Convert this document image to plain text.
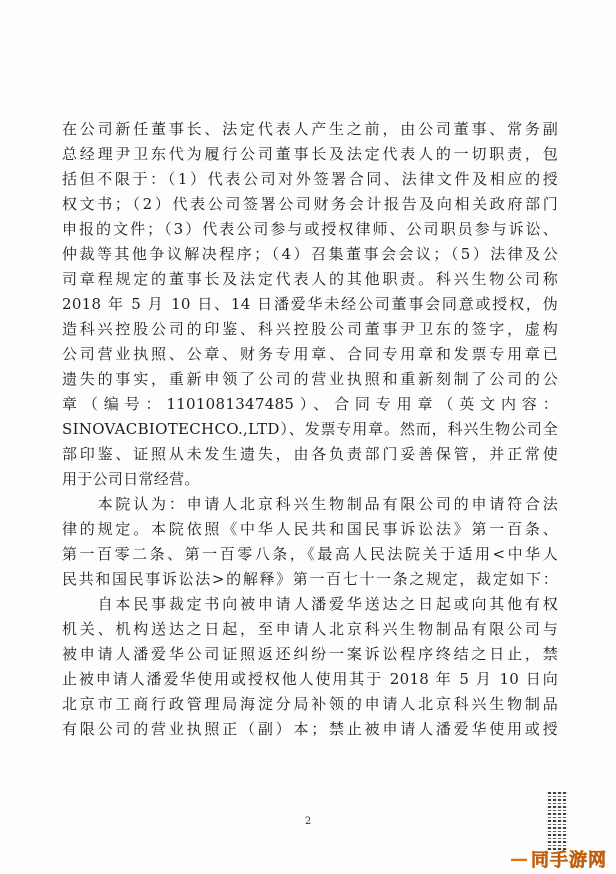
在公司新任董事长、法定代表人产生之前，由公司董事、常务副
总经理尹卫东代为履行公司董事长及法定代表人的一切职责，包
括但不限于：（1）代表公司对外签署合同、法律文件及相应的授
权文书；（2）代表公司签署公司财务会计报告及向相关政府部门
申报的文件；（3）代表公司参与或授权律师、公司职员参与诉讼、
仲裁等其他争议解决程序；（4）召集董事会会议；（5）法律及公
司章程规定的董事长及法定代表人的其他职责。科兴生物公司称
2018 年 5 月 10 日、14 日潘爱华未经公司董事会同意或授权，伪
造科兴控股公司的印鉴、科兴控股公司董事尹卫东的签字，虚构
公司营业执照、公章、财务专用章、合同专用章和发票专用章已
遗失的事实，重新申领了公司的营业执照和重新刻制了公司的公
章（编号：1101081347485）、合同专用章（英文内容：
SINOVACBIOTECHCO.,LTD）、发票专用章。然而，科兴生物公司全
部印鉴、证照从未发生遗失，由各负责部门妥善保管，并正常使
用于公司日常经营。
　　本院认为：申请人北京科兴生物制品有限公司的申请符合法
律的规定。本院依照《中华人民共和国民事诉讼法》第一百条、
第一百零二条、第一百零八条，《最高人民法院关于适用<中华人
民共和国民事诉讼法>的解释》第一百七十一条之规定，裁定如下：
　　自本民事裁定书向被申请人潘爱华送达之日起或向其他有权
机关、机构送达之日起，至申请人北京科兴生物制品有限公司与
被申请人潘爱华公司证照返还纠纷一案诉讼程序终结之日止，禁
止被申请人潘爱华使用或授权他人使用其于 2018 年 5 月 10 日向
北京市工商行政管理局海淀分局补领的申请人北京科兴生物制品
有限公司的营业执照正（副）本；禁止被申请人潘爱华使用或授
2
— 同手游网
